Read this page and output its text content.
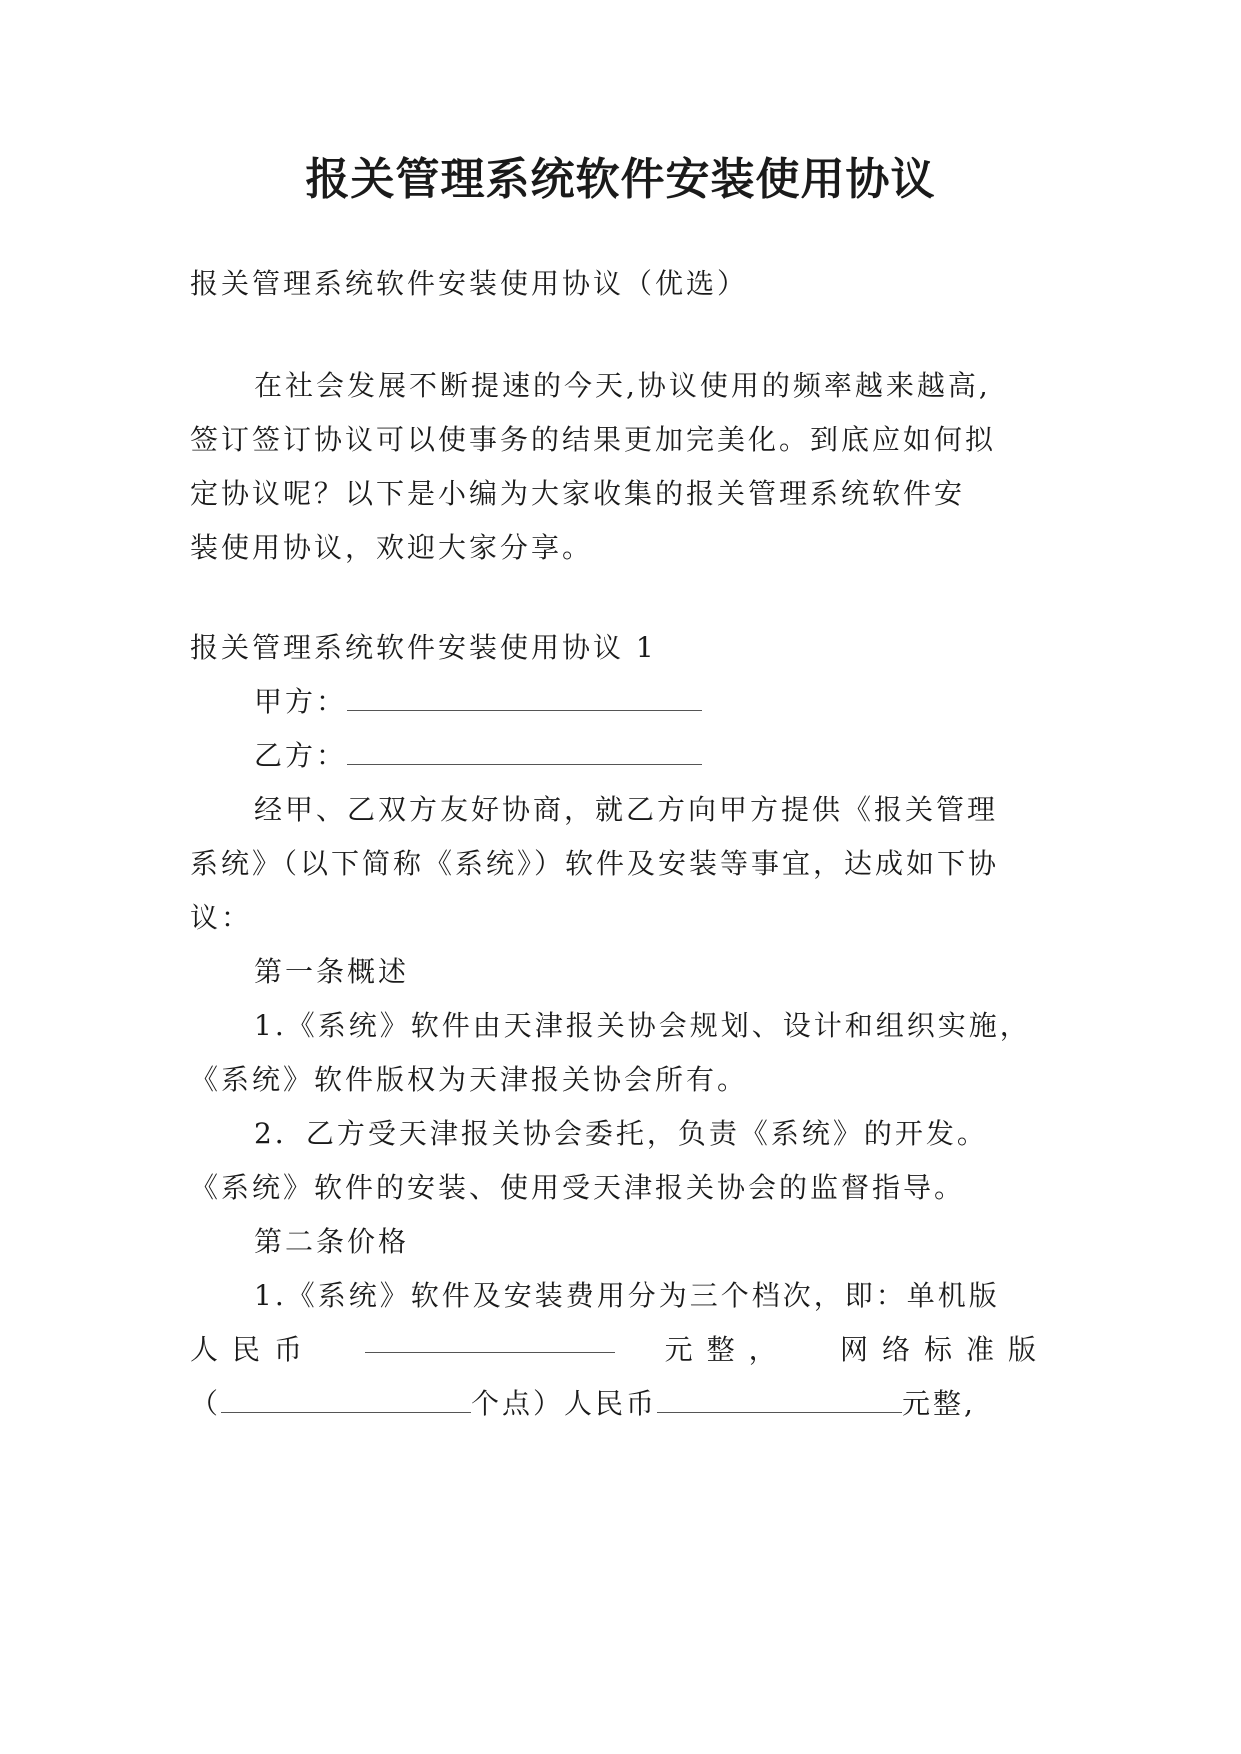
报关管理系统软件安装使用协议

报关管理系统软件安装使用协议（优选）

在社会发展不断提速的今天,协议使用的频率越来越高,

签订签订协议可以使事务的结果更加完美化。到底应如何拟

定协议呢？以下是小编为大家收集的报关管理系统软件安

装使用协议，欢迎大家分享。

报关管理系统软件安装使用协议 1

甲方：

乙方：

经甲、乙双方友好协商，就乙方向甲方提供《报关管理

系统》（以下简称《系统》）软件及安装等事宜，达成如下协

议：

第一条概述

1.《系统》软件由天津报关协会规划、设计和组织实施，

《系统》软件版权为天津报关协会所有。

2．乙方受天津报关协会委托，负责《系统》的开发。

《系统》软件的安装、使用受天津报关协会的监督指导。

第二条价格

1.《系统》软件及安装费用分为三个档次，即：单机版

人民币	元整， 网络标准版
（	个点）人民币	元整,
